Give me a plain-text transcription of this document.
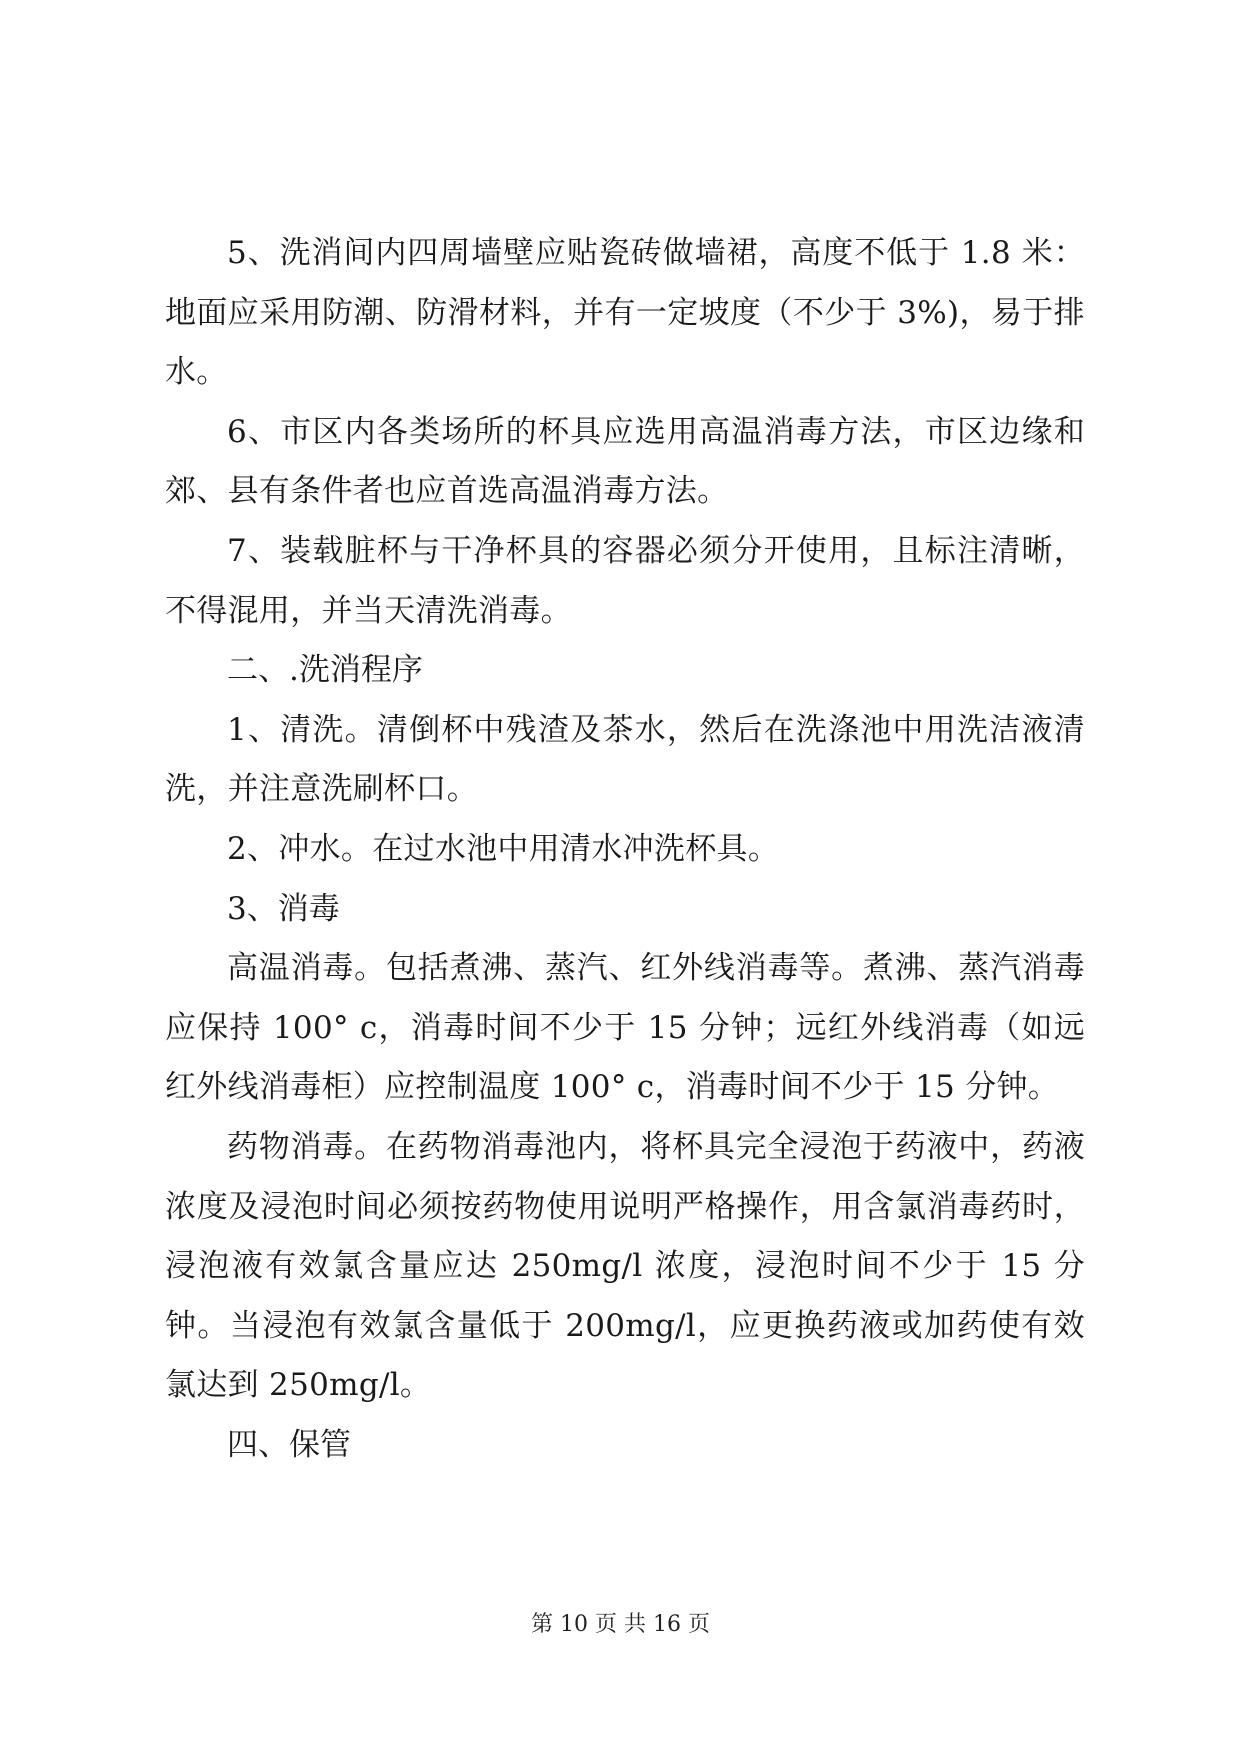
5、洗消间内四周墙壁应贴瓷砖做墙裙，高度不低于 1.8 米：地面应采用防潮、防滑材料，并有一定坡度（不少于 3%)，易于排水。

6、市区内各类场所的杯具应选用高温消毒方法，市区边缘和郊、县有条件者也应首选高温消毒方法。

7、装载脏杯与干净杯具的容器必须分开使用，且标注清晰，不得混用，并当天清洗消毒。

二、.洗消程序

1、清洗。清倒杯中残渣及茶水，然后在洗涤池中用洗洁液清洗，并注意洗刷杯口。

2、冲水。在过水池中用清水冲洗杯具。

3、消毒

高温消毒。包括煮沸、蒸汽、红外线消毒等。煮沸、蒸汽消毒应保持 100° c，消毒时间不少于 15 分钟；远红外线消毒（如远红外线消毒柜）应控制温度 100° c，消毒时间不少于 15 分钟。

药物消毒。在药物消毒池内，将杯具完全浸泡于药液中，药液浓度及浸泡时间必须按药物使用说明严格操作，用含氯消毒药时，浸泡液有效氯含量应达 250mg/l 浓度，浸泡时间不少于 15 分钟。当浸泡有效氯含量低于 200mg/l，应更换药液或加药使有效氯达到 250mg/l。

四、保管

第 10 页 共 16 页
